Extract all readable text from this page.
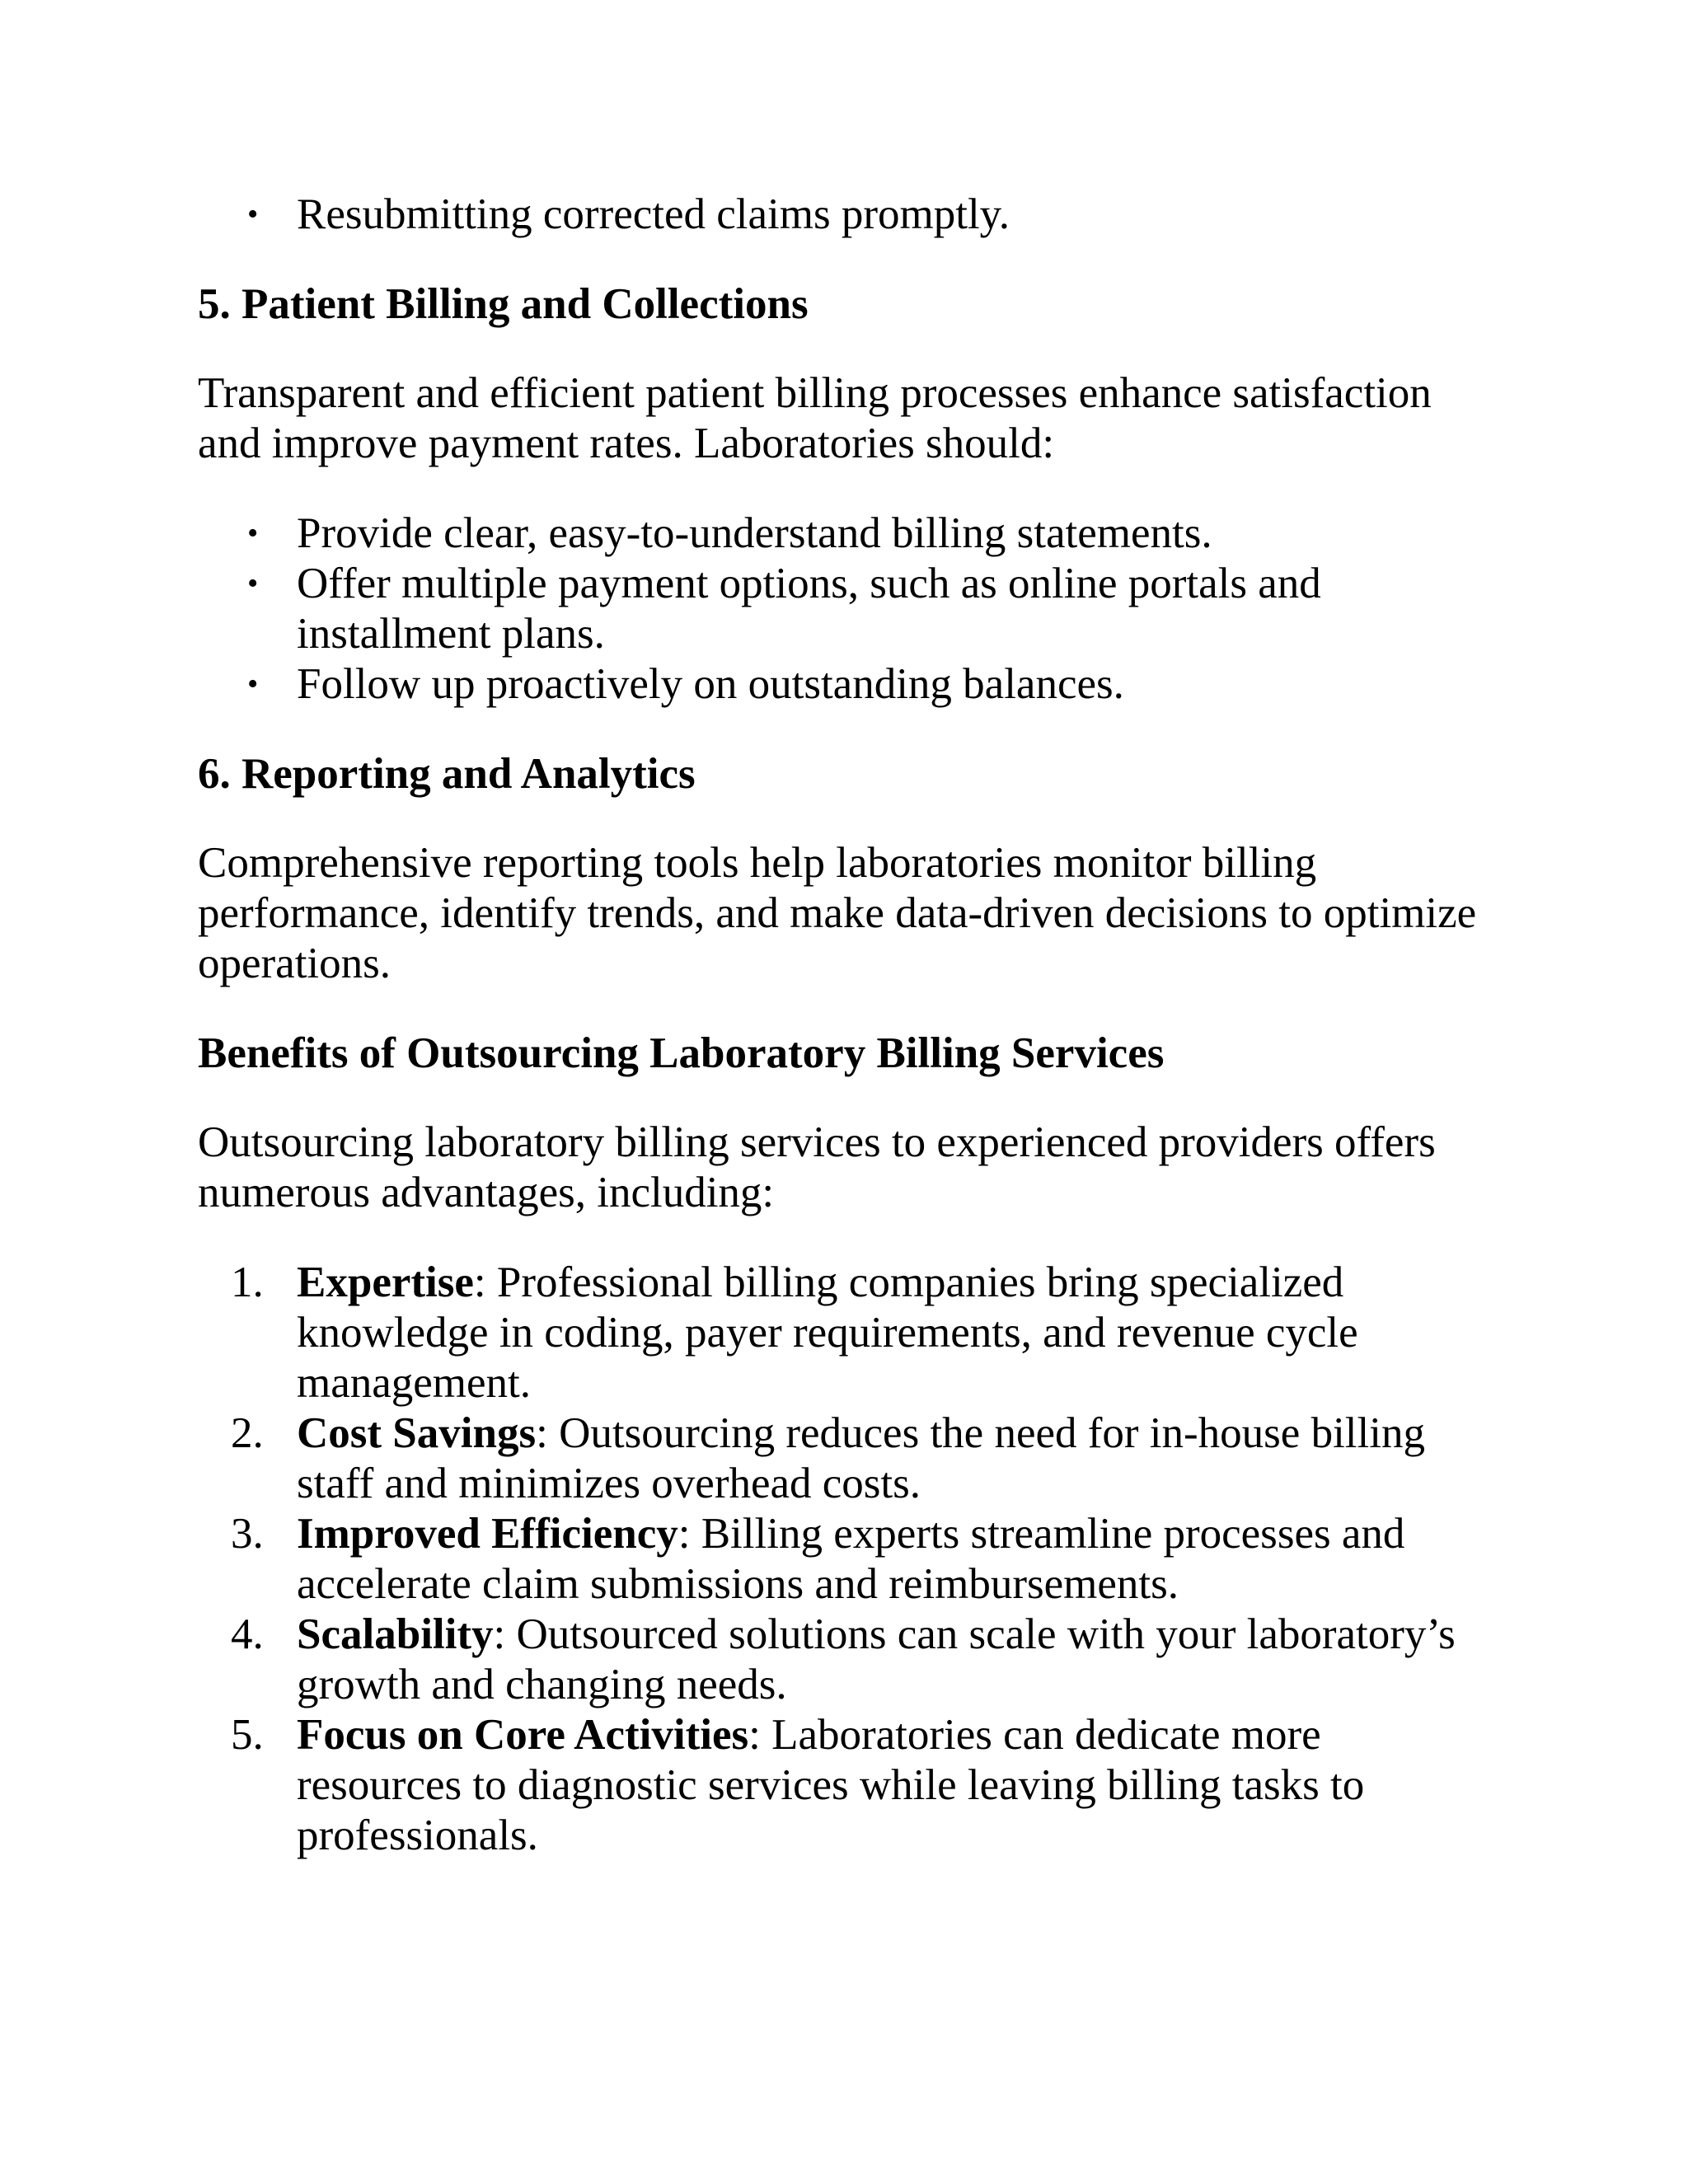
• Resubmitting corrected claims promptly.
5. Patient Billing and Collections

Transparent and efficient patient billing processes enhance satisfaction and improve payment rates. Laboratories should:

• Provide clear, easy-to-understand billing statements.
• Offer multiple payment options, such as online portals and installment plans.
• Follow up proactively on outstanding balances.
6. Reporting and Analytics

Comprehensive reporting tools help laboratories monitor billing performance, identify trends, and make data-driven decisions to optimize operations.

Benefits of Outsourcing Laboratory Billing Services

Outsourcing laboratory billing services to experienced providers offers numerous advantages, including:

1. Expertise: Professional billing companies bring specialized knowledge in coding, payer requirements, and revenue cycle management.
2. Cost Savings: Outsourcing reduces the need for in-house billing staff and minimizes overhead costs.
3. Improved Efficiency: Billing experts streamline processes and accelerate claim submissions and reimbursements.
4. Scalability: Outsourced solutions can scale with your laboratory’s growth and changing needs.
5. Focus on Core Activities: Laboratories can dedicate more resources to diagnostic services while leaving billing tasks to professionals.
